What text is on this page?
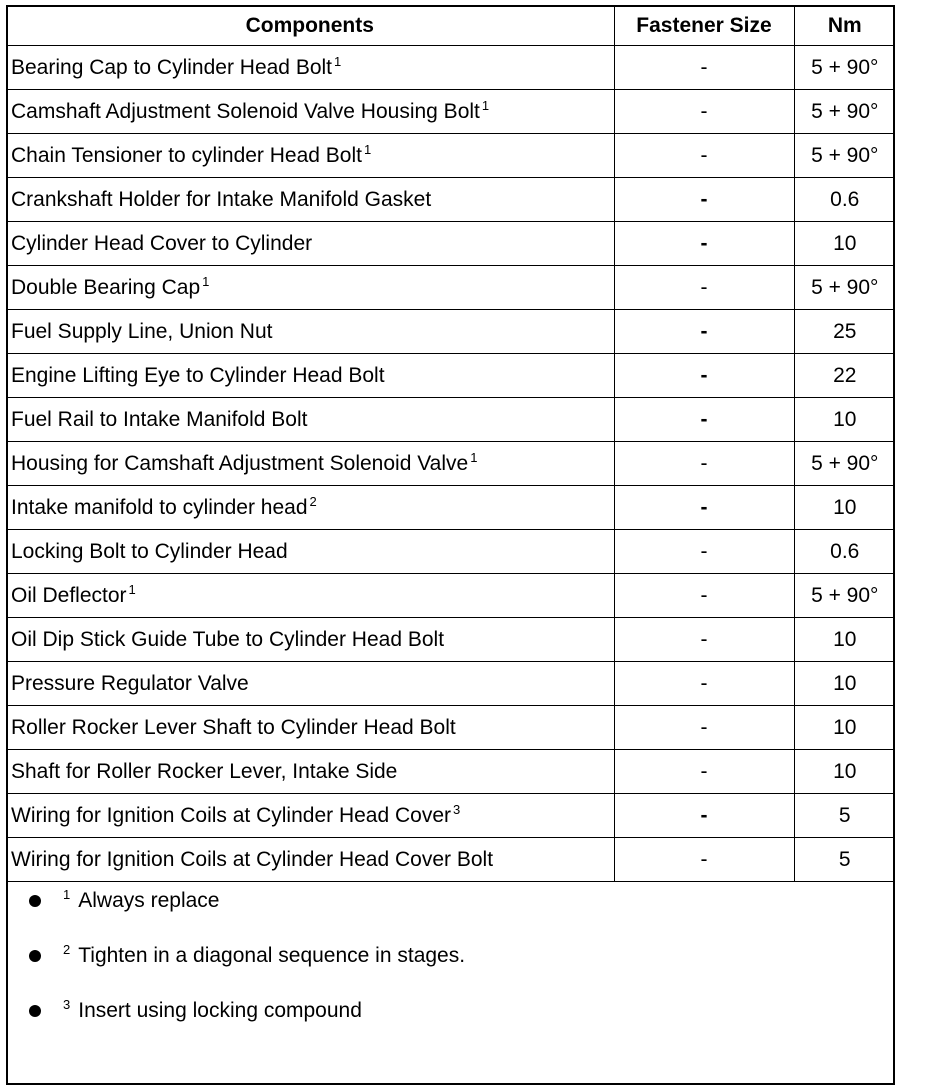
Components	Fastener Size	Nm
Bearing Cap to Cylinder Head Bolt $^1$	-	5 + 90°
Camshaft Adjustment Solenoid Valve Housing Bolt $^1$	-	5 + 90°
Chain Tensioner to cylinder Head Bolt $^1$	-	5 + 90°
Crankshaft Holder for Intake Manifold Gasket	-	0.6
Cylinder Head Cover to Cylinder	-	10
Double Bearing Cap $^1$	-	5 + 90°
Fuel Supply Line, Union Nut	-	25
Engine Lifting Eye to Cylinder Head Bolt	-	22
Fuel Rail to Intake Manifold Bolt	-	10
Housing for Camshaft Adjustment Solenoid Valve $^1$	-	5 + 90°
Intake manifold to cylinder head $^2$	-	10
Locking Bolt to Cylinder Head	-	0.6
Oil Deflector $^1$	-	5 + 90°
Oil Dip Stick Guide Tube to Cylinder Head Bolt	-	10
Pressure Regulator Valve	-	10
Roller Rocker Lever Shaft to Cylinder Head Bolt	-	10
Shaft for Roller Rocker Lever, Intake Side	-	10
Wiring for Ignition Coils at Cylinder Head Cover $^3$	-	5
Wiring for Ignition Coils at Cylinder Head Cover Bolt	-	5
1 Always replace
2 Tighten in a diagonal sequence in stages.
3 Insert using locking compound
